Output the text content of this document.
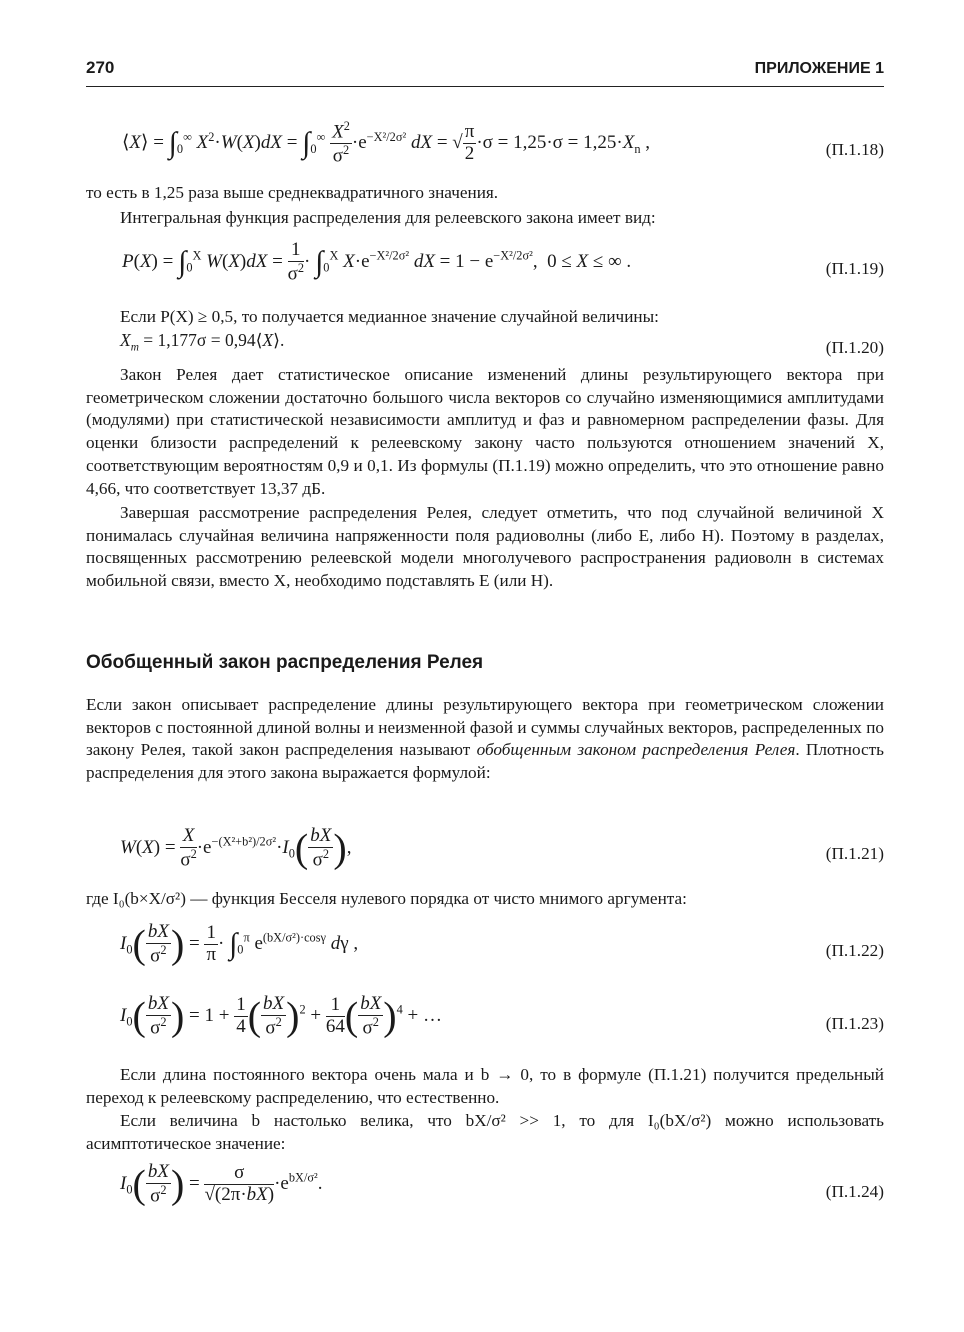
270	ПРИЛОЖЕНИЕ 1
⟨X⟩ = $\int_0^\infty$ $X^2\cdot W(X)dX = \int_0^\infty \frac{X^2}{\sigma^2} \cdot e^{-X^2/2\sigma^2}$ dX = √ $\frac{\pi}{2} \cdot\sigma = 1,25\cdot\sigma = 1,25\cdot X_n$ ,	(П.1.18)
то есть в 1,25 раза выше среднеквадратичного значения.
Интегральная функция распределения для релеевского закона имеет вид:
$P(X) = \int_0^X$ $W(X)dX = \frac{1}{\sigma^2} \cdot \int_0^X$ $X\cdot e^{-X^2/2\sigma^2}$ dX = $1 - e^{-X^2/2\sigma^2}$,  0 ≤ X ≤ ∞ .	(П.1.19)
Если P(X) ≥ 0,5, то получается медианное значение случайной величины:
$X_m = 1,177\sigma$ = 0,94⟨X⟩.	(П.1.20)
Закон Релея дает статистическое описание изменений длины результирующего вектора при геометрическом сложении достаточно большого числа векторов со случайно изменяющимися амплитудами (модулями) при статистической независимости амплитуд и фаз и равномерном распределении фазы. Для оценки близости распределений к релеевскому закону часто пользуются отношением значений X, соответствующим вероятностям 0,9 и 0,1. Из формулы (П.1.19) можно определить, что это отношение равно 4,66, что соответствует 13,37 дБ.
Завершая рассмотрение распределения Релея, следует отметить, что под случайной величиной X понималась случайная величина напряженности поля радиоволны (либо E, либо H). Поэтому в разделах, посвященных рассмотрению релеевской модели многолучевого распространения радиоволн в системах мобильной связи, вместо X, необходимо подставлять E (или H).
Обобщенный закон распределения Релея
Если закон описывает распределение длины результирующего вектора при геометрическом сложении векторов с постоянной длиной волны и неизменной фазой и суммы случайных векторов, распределенных по закону Релея, такой закон распределения называют обобщенным законом распределения Релея. Плотность распределения для этого закона выражается формулой:
$W(X) = \frac{X}{\sigma^2} \cdot e^{-(X^2+b^2)/2\sigma^2}\cdot I_0( \frac{bX}{\sigma^2}$ ),	(П.1.21)
где I₀(b×X/σ²) — функция Бесселя нулевого порядка от чисто мнимого аргумента:
$I_0( \frac{bX}{\sigma^2}$ ) = $\frac{1}{\pi} \cdot \int_0^\pi$ $e^{(bX/\sigma^2)\cdot cos\gamma}$ dγ ,	(П.1.22)
$I_0( \frac{bX}{\sigma^2}$ ) = $1 + \frac{1}{4}$ ( $\frac{bX}{\sigma^2} )^2 + \frac{1}{64}$ ( $\frac{bX}{\sigma^2} )^4$ + …	(П.1.23)
Если длина постоянного вектора очень мала и b → 0, то в формуле (П.1.21) получится предельный переход к релеевскому распределению, что естественно.
Если величина b настолько велика, что bX/σ² >> 1, то для I₀(bX/σ²) можно использовать асимптотическое значение:
$I_0( \frac{bX}{\sigma^2}$ ) = $\frac{\sigma}{√(2\pi\cdot bX)} \cdot e^{bX/\sigma^2}$.	(П.1.24)
